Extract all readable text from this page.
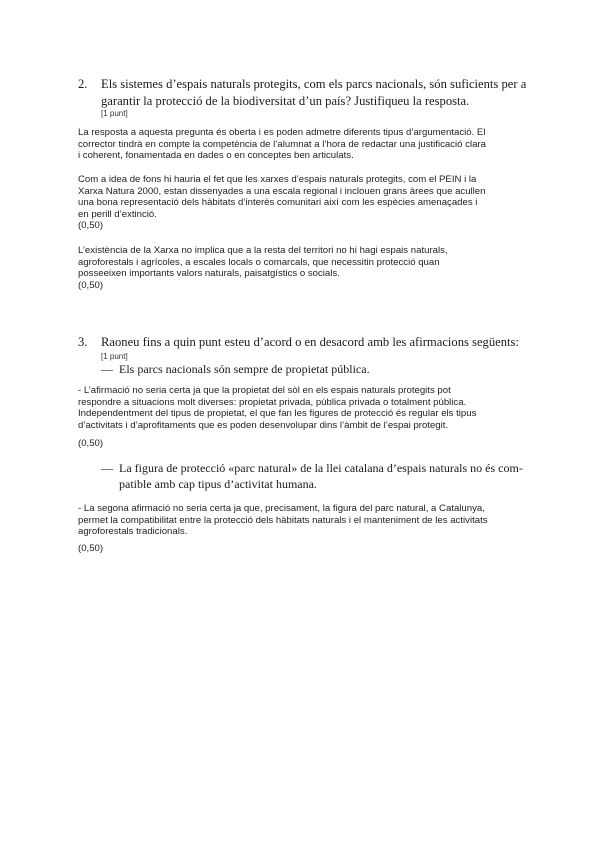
2. Els sistemes d’espais naturals protegits, com els parcs nacionals, són suficients per a

garantir la protecció de la biodiversitat d’un país? Justifiqueu la resposta.

[1 punt]

La resposta a aquesta pregunta és oberta i es poden admetre diferents tipus d’argumentació. El

corrector tindrà en compte la competència de l’alumnat a l’hora de redactar una justificació clara

i coherent, fonamentada en dades o en conceptes ben articulats.

Com a idea de fons hi hauria el fet que les xarxes d’espais naturals protegits, com el PEIN i la

Xarxa Natura 2000, estan dissenyades a una escala regional i inclouen grans àrees que acullen

una bona representació dels hàbitats d’interès comunitari així com les espècies amenaçades i

en perill d’extinció.

(0,50)

L’existència de la Xarxa no implica que a la resta del territori no hi hagi espais naturals,

agroforestals i agrícoles, a escales locals o comarcals, que necessitin protecció quan

posseeixen importants valors naturals, paisatgístics o socials.

(0,50)
3. Raoneu fins a quin punt esteu d’acord o en desacord amb les afirmacions següents:
[1 punt]
— Els parcs nacionals són sempre de propietat pública.

- L’afirmació no seria certa ja que la propietat del sòl en els espais naturals protegits pot

respondre a situacions molt diverses: propietat privada, pública privada o totalment pública.

Independentment del tipus de propietat, el que fan les figures de protecció és regular els tipus

d’activitats i d’aprofitaments que es poden desenvolupar dins l’àmbit de l’espai protegit.

(0,50)
— La figura de protecció «parc natural» de la llei catalana d’espais naturals no és com-

patible amb cap tipus d’activitat humana.

- La segona afirmació no seria certa ja que, precisament, la figura del parc natural, a Catalunya,

permet la compatibilitat entre la protecció dels hàbitats naturals i el manteniment de les activitats

agroforestals tradicionals.

(0,50)
